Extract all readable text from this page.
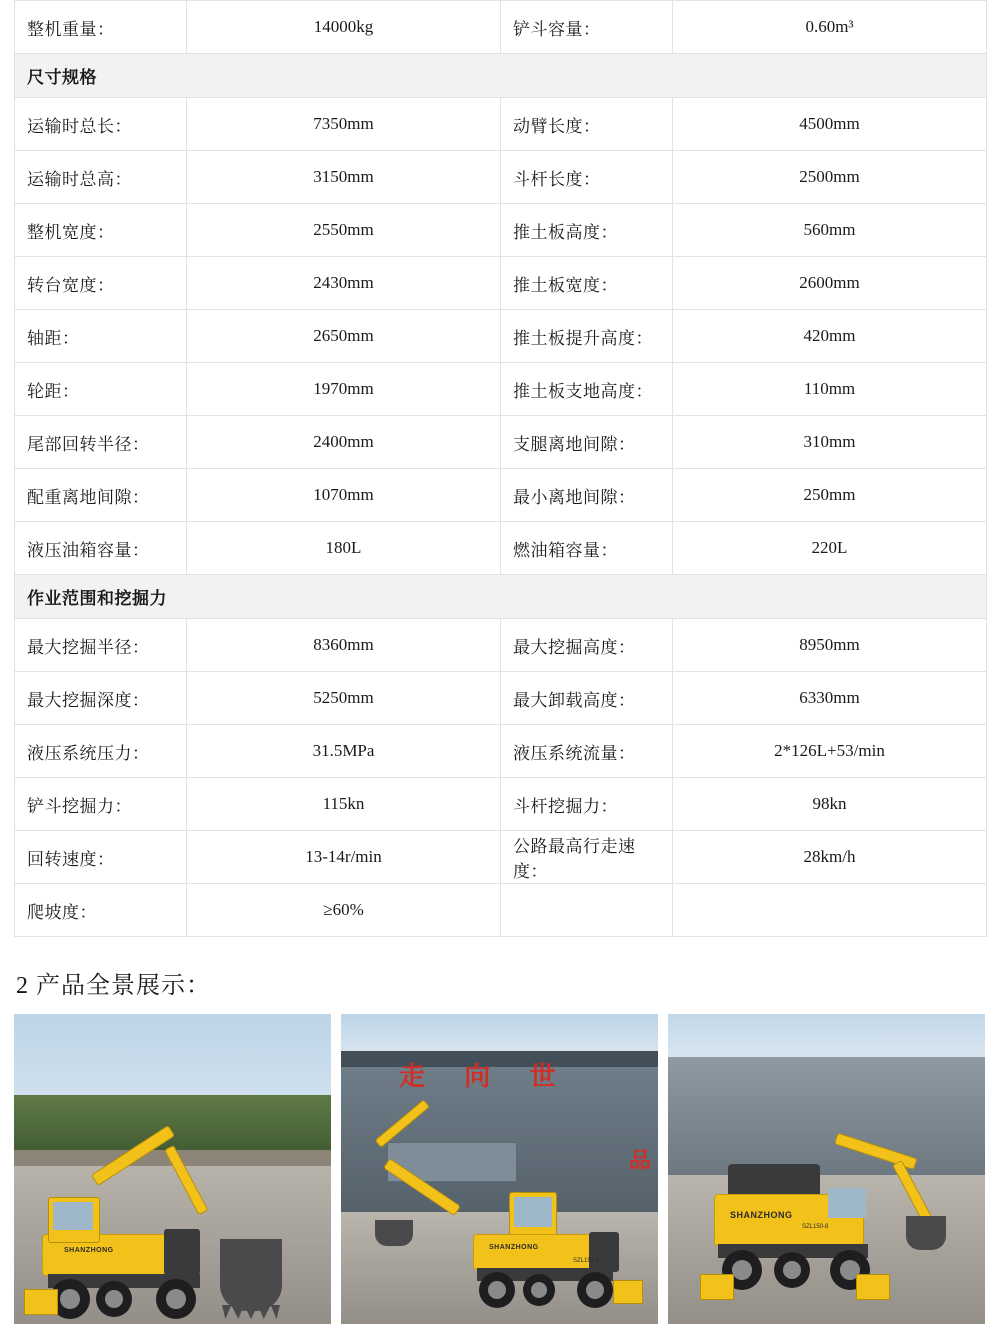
整机重量：	14000kg	铲斗容量：	0.60m³
尺寸规格			
运输时总长：	7350mm	动臂长度：	4500mm
运输时总高：	3150mm	斗杆长度：	2500mm
整机宽度：	2550mm	推土板高度：	560mm
转台宽度：	2430mm	推土板宽度：	2600mm
轴距：	2650mm	推土板提升高度：	420mm
轮距：	1970mm	推土板支地高度：	110mm
尾部回转半径：	2400mm	支腿离地间隙：	310mm
配重离地间隙：	1070mm	最小离地间隙：	250mm
液压油箱容量：	180L	燃油箱容量：	220L
作业范围和挖掘力			
最大挖掘半径：	8360mm	最大挖掘高度：	8950mm
最大挖掘深度：	5250mm	最大卸载高度：	6330mm
液压系统压力：	31.5MPa	液压系统流量：	2*126L+53/min
铲斗挖掘力：	115kn	斗杆挖掘力：	98kn
回转速度：	13-14r/min	公路最高行走速度：	28km/h
爬坡度：	≥60%		
2 产品全景展示：
SHANZHONG
走 向 世
品
SHANZHONG
SZL150-8
SHANZHONG
SZL150-8
